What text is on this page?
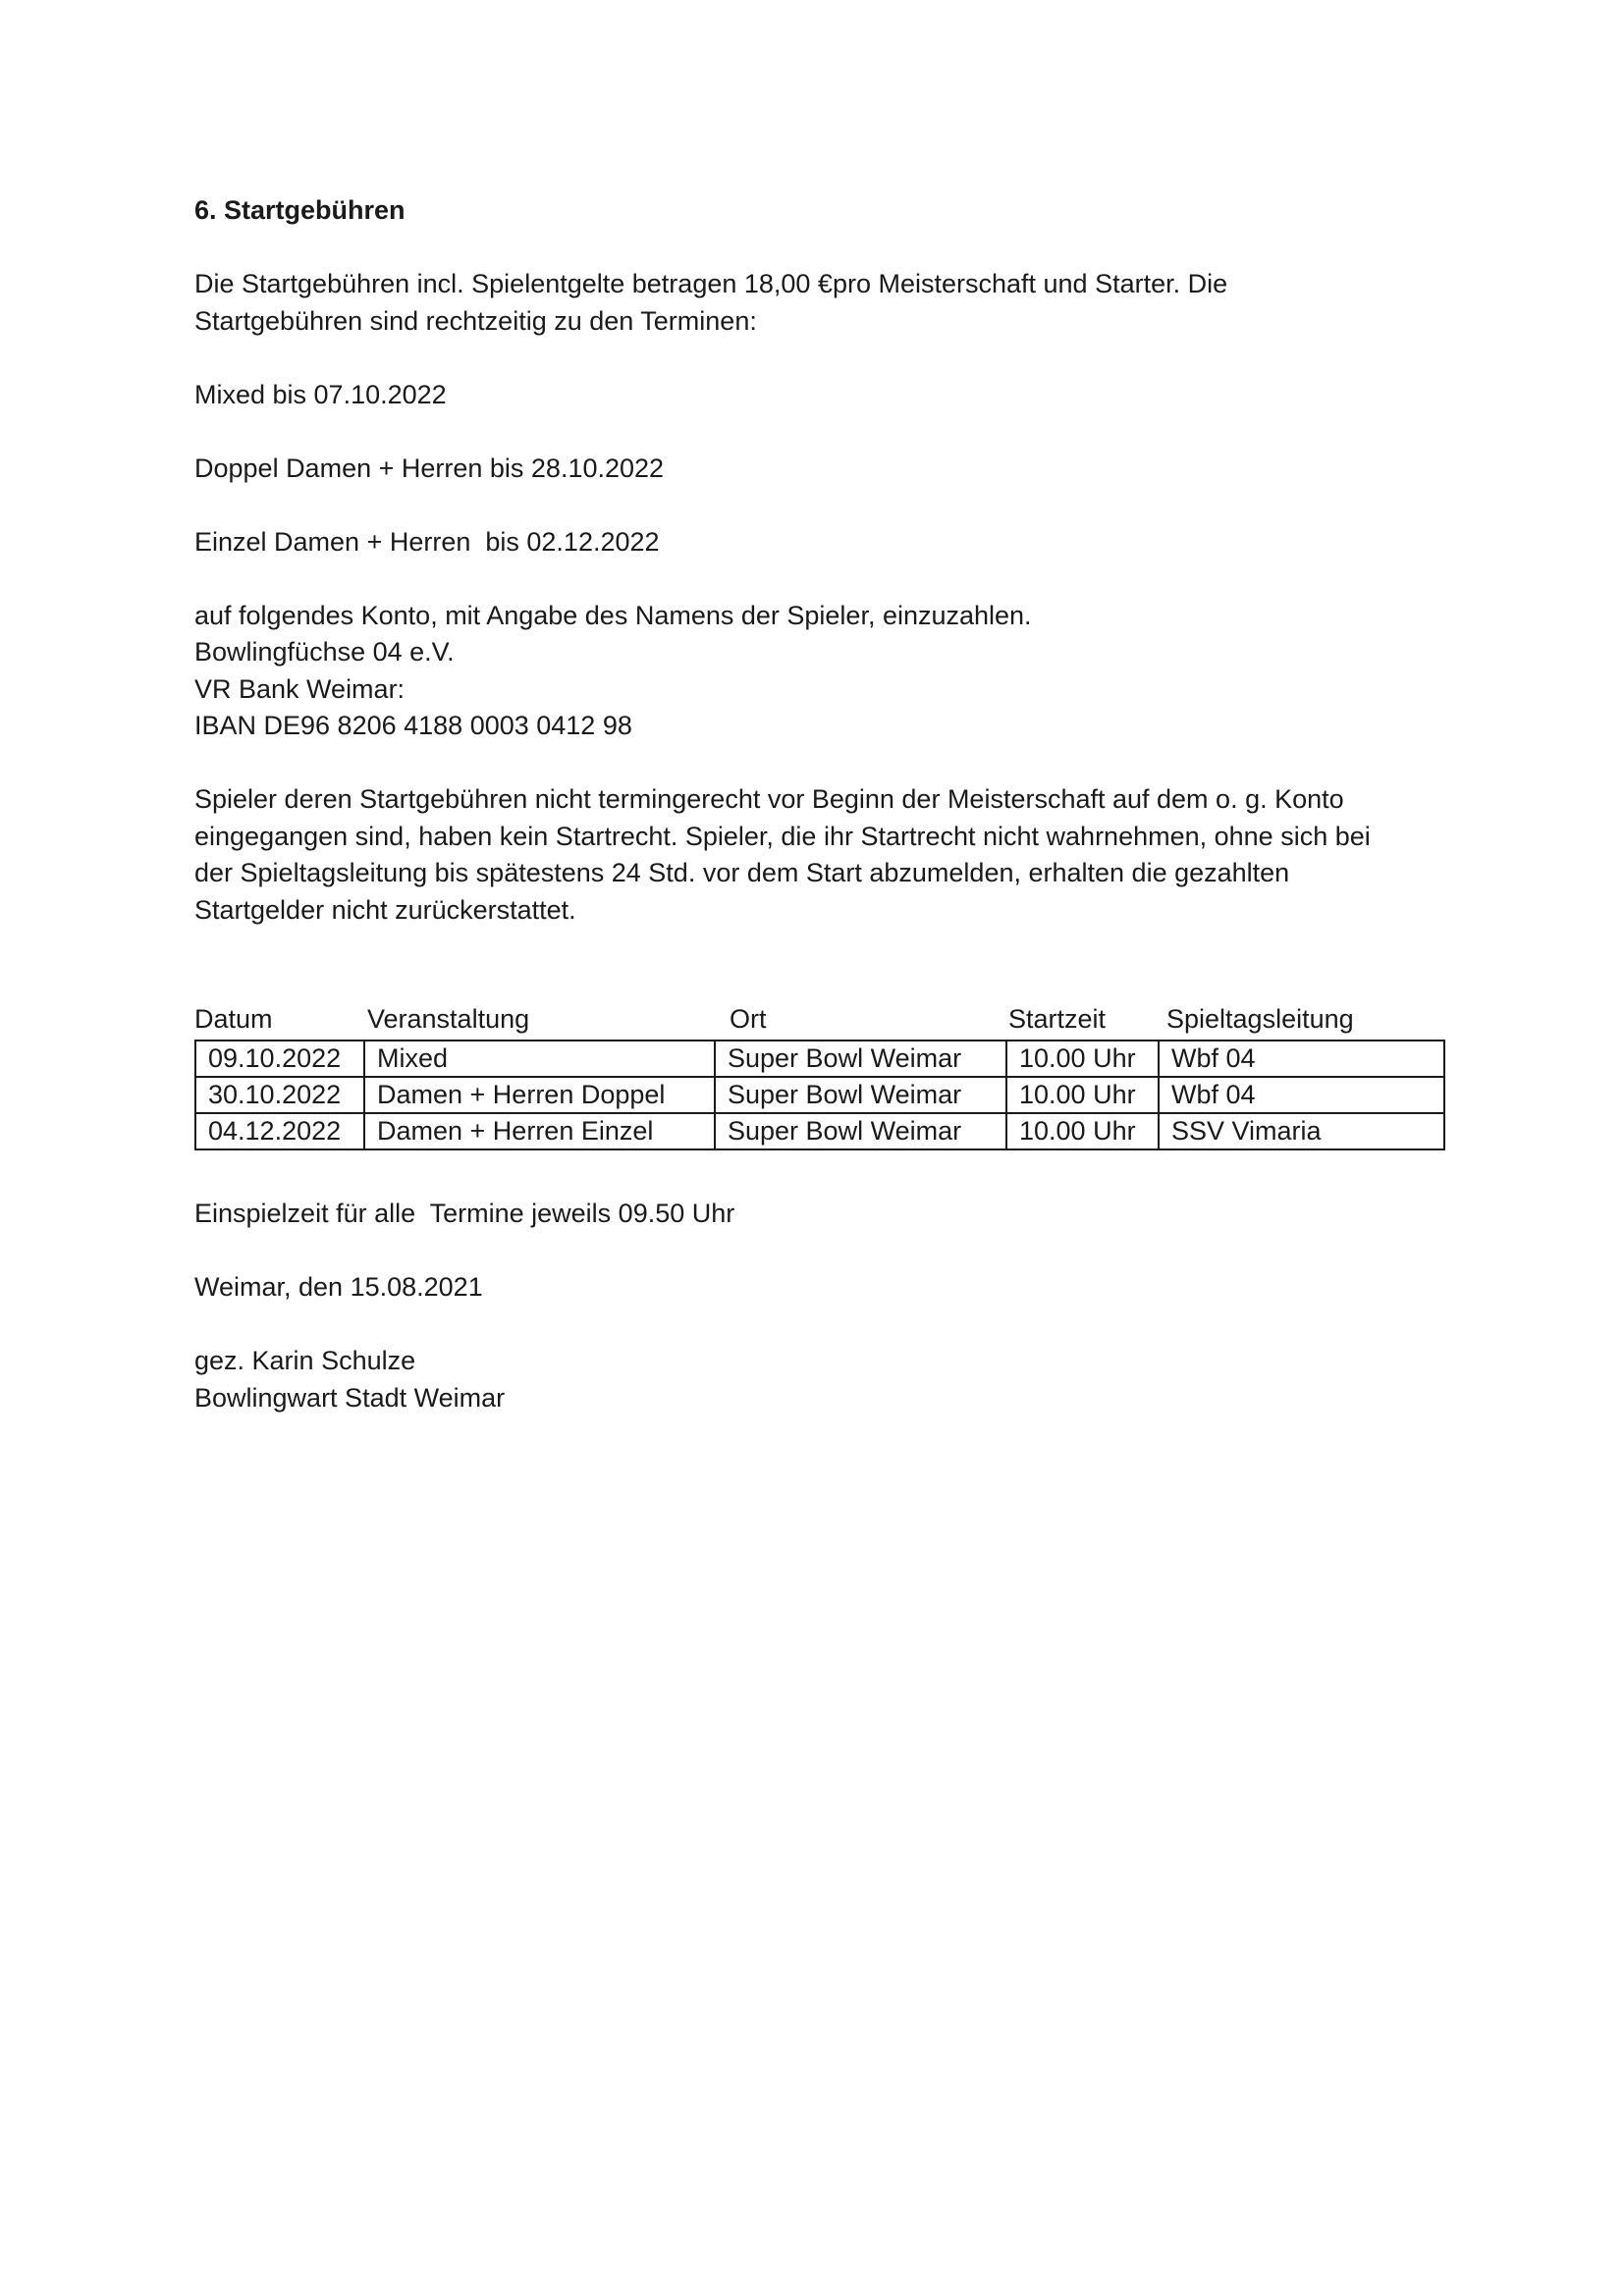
6. Startgebühren

Die Startgebühren incl. Spielentgelte betragen 18,00 €pro Meisterschaft und Starter. Die

Startgebühren sind rechtzeitig zu den Terminen:

Mixed bis 07.10.2022

Doppel Damen + Herren bis 28.10.2022

Einzel Damen + Herren  bis 02.12.2022

auf folgendes Konto, mit Angabe des Namens der Spieler, einzuzahlen.

Bowlingfüchse 04 e.V.

VR Bank Weimar:

IBAN DE96 8206 4188 0003 0412 98

Spieler deren Startgebühren nicht termingerecht vor Beginn der Meisterschaft auf dem o. g. Konto

eingegangen sind, haben kein Startrecht. Spieler, die ihr Startrecht nicht wahrnehmen, ohne sich bei

der Spieltagsleitung bis spätestens 24 Std. vor dem Start abzumelden, erhalten die gezahlten

Startgelder nicht zurückerstattet.

Datum	Veranstaltung	Ort	Startzeit Spieltagsleitung
09.10.2022	Mixed	Super Bowl Weimar	10.00 Uhr	Wbf 04
30.10.2022	Damen + Herren Doppel	Super Bowl Weimar	10.00 Uhr	Wbf 04
04.12.2022	Damen + Herren Einzel	Super Bowl Weimar	10.00 Uhr	SSV Vimaria

Einspielzeit für alle  Termine jeweils 09.50 Uhr

Weimar, den 15.08.2021

gez. Karin Schulze

Bowlingwart Stadt Weimar
